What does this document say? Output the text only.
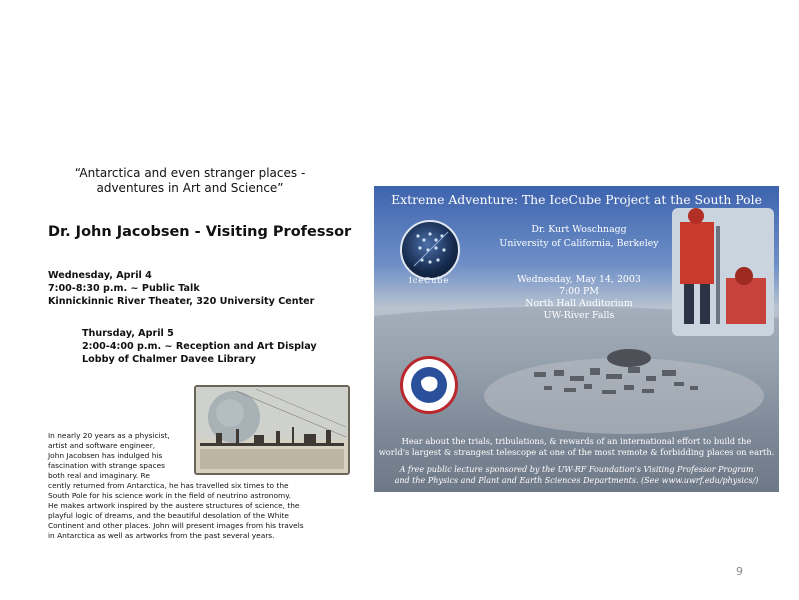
“Antarctica and even stranger places -
adventures in Art and Science”
Dr. John Jacobsen - Visiting Professor
Wednesday, April 4
7:00-8:30 p.m. ~ Public Talk
Kinnickinnic River Theater, 320 University Center
Thursday, April 5
2:00-4:00 p.m. ~ Reception and Art Display
Lobby of Chalmer Davee Library
In nearly 20 years as a physicist,
artist and software engineer,
John Jacobsen has indulged his
fascination with strange spaces
both real and imaginary. Re
cently returned from Antarctica, he has travelled six times to the
South Pole for his science work in the field of neutrino astronomy.
He makes artwork inspired by the austere structures of science, the
playful logic of dreams, and the beautiful desolation of the White
Continent and other places. John will present images from his travels
in Antarctica as well as artworks from the past several years.
Extreme Adventure: The IceCube Project at the South Pole
IceCube
Dr. Kurt Woschnagg
University of California, Berkeley
Wednesday, May 14, 2003
7:00 PM
North Hall Auditorium
UW-River Falls
Hear about the trials, tribulations, & rewards of an international effort to build the
world's largest & strangest telescope at one of the most remote & forbidding places on earth.
A free public lecture sponsored by the UW-RF Foundation's Visiting Professor Program
and the Physics and Plant and Earth Sciences Departments. (See www.uwrf.edu/physics/)
9
